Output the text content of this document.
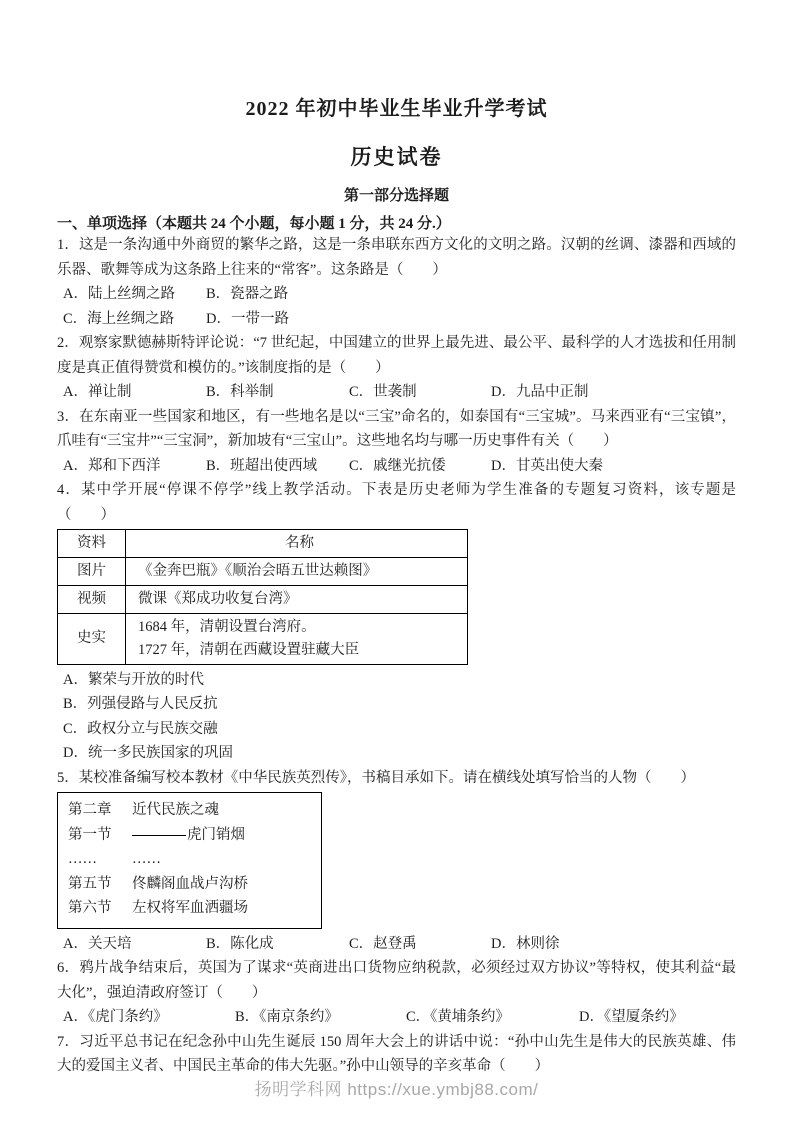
2022 年初中毕业生毕业升学考试
历史试卷
第一部分选择题
一、单项选择（本题共 24 个小题，每小题 1 分，共 24 分.）
1．这是一条沟通中外商贸的繁华之路，这是一条串联东西方文化的文明之路。汉朝的丝调、漆器和西域的乐器、歌舞等成为这条路上往来的“常客”。这条路是（　　）
A．陆上丝绸之路	B．瓷器之路
C．海上丝绸之路	D．一带一路
2．观察家默德赫斯特评论说：“7 世纪起，中国建立的世界上最先进、最公平、最科学的人才选拔和任用制度是真正值得赞赏和模仿的。”该制度指的是（　　）
A．禅让制	B．科举制	C．世袭制	D．九品中正制
3．在东南亚一些国家和地区，有一些地名是以“三宝”命名的，如泰国有“三宝城”。马来西亚有“三宝镇”，爪哇有“三宝井”“三宝洞”，新加坡有“三宝山”。这些地名均与哪一历史事件有关（　　）
A．郑和下西洋	B．班超出使西域	C．戚继光抗倭	D．甘英出使大秦
4．某中学开展“停课不停学”线上教学活动。下表是历史老师为学生准备的专题复习资料，该专题是（　　）
资料	名称
图片	《金奔巴瓶》《顺治会晤五世达赖图》
视频	微课《郑成功收复台湾》
史实	1684 年，清朝设置台湾府。
1727 年，清朝在西藏设置驻藏大臣
A．繁荣与开放的时代
B．列强侵路与人民反抗
C．政权分立与民族交融
D．统一多民族国家的巩固
5．某校准备编写校本教材《中华民族英烈传》，书稿目承如下。请在横线处填写恰当的人物（　　）
第二章	近代民族之魂
第一节	虎门销烟
……	……
第五节	佟麟阁血战卢沟桥
第六节	左权将军血洒疆场
A．关天培	B．陈化成	C．赵登禹	D．林则徐
6．鸦片战争结束后，英国为了谋求“英商进出口货物应纳税款，必须经过双方协议”等特权，使其利益“最大化”，强迫清政府签订（　　）
A．《虎门条约》	B．《南京条约》	C．《黄埔条约》	D．《望厦条约》
7．习近平总书记在纪念孙中山先生诞辰 150 周年大会上的讲话中说：“孙中山先生是伟大的民族英雄、伟大的爱国主义者、中国民主革命的伟大先驱。”孙中山领导的辛亥革命（　　）
扬明学科网 https://xue.ymbj88.com/
